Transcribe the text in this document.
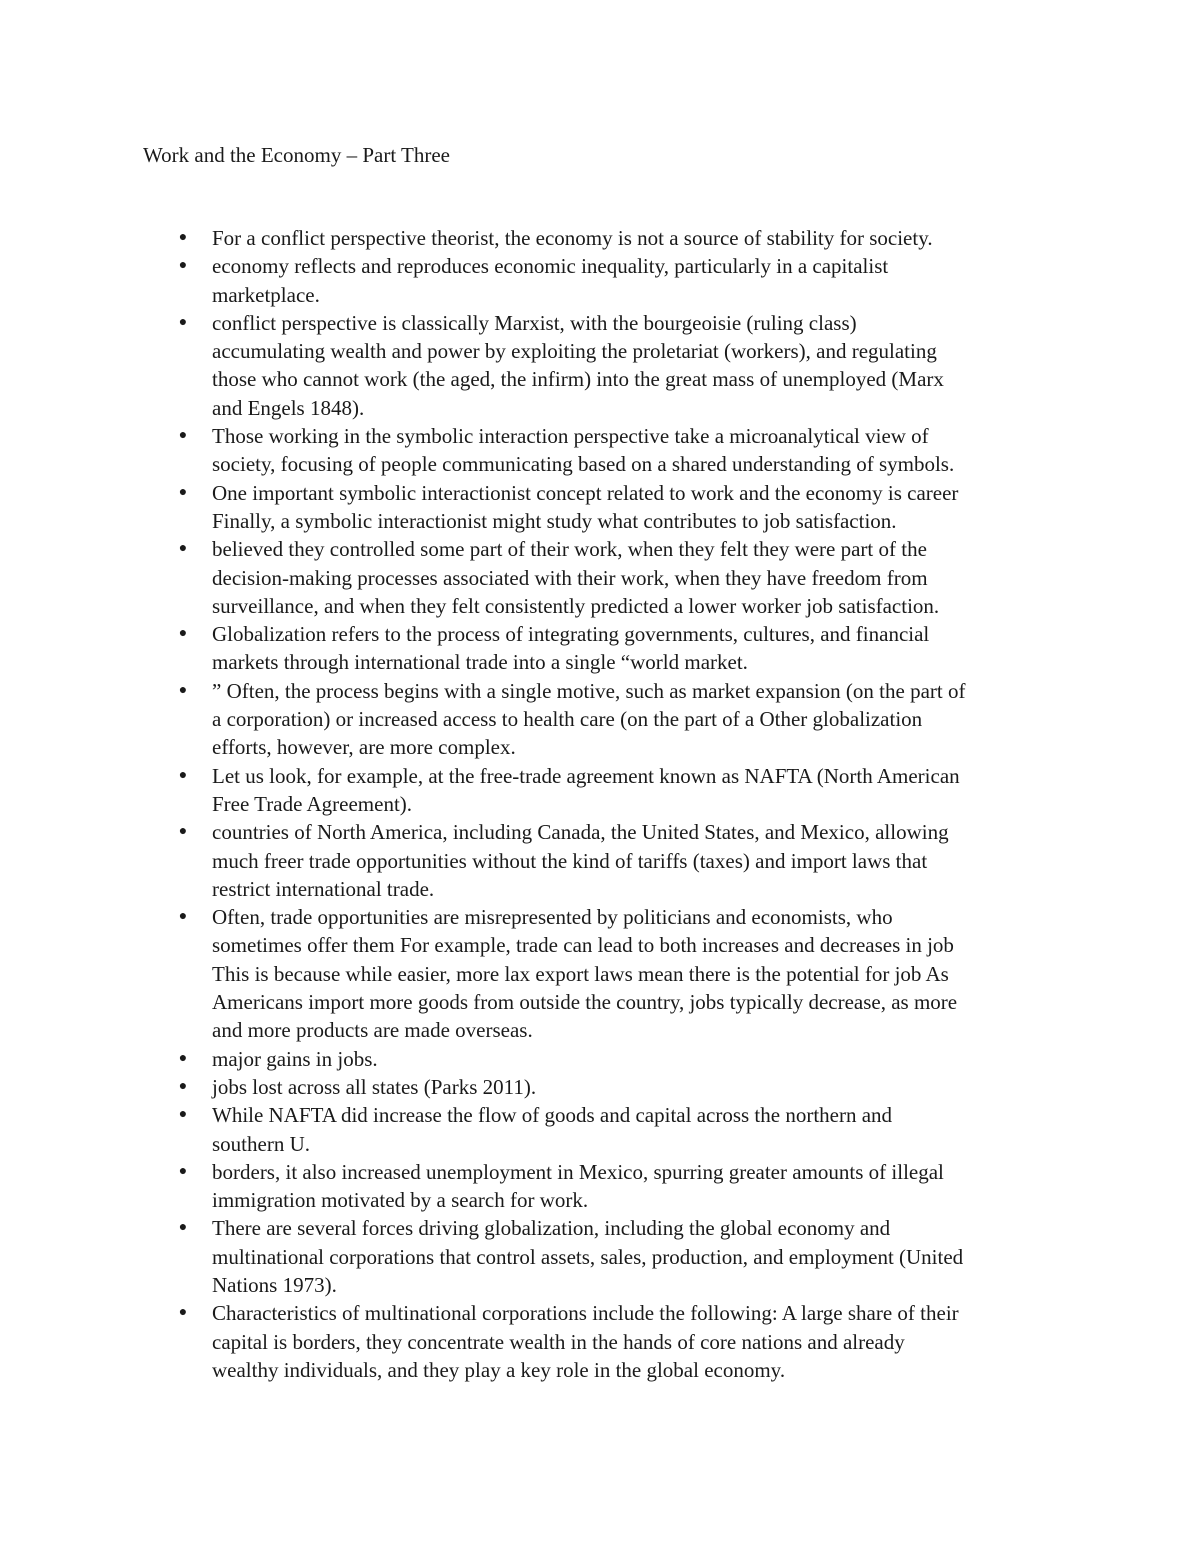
Work and the Economy – Part Three
● For a conflict perspective theorist, the economy is not a source of stability for society.
● economy reflects and reproduces economic inequality, particularly in a capitalist
marketplace.
● conflict perspective is classically Marxist, with the bourgeoisie (ruling class)
accumulating wealth and power by exploiting the proletariat (workers), and regulating
those who cannot work (the aged, the infirm) into the great mass of unemployed (Marx
and Engels 1848).
● Those working in the symbolic interaction perspective take a microanalytical view of
society, focusing of people communicating based on a shared understanding of symbols.
● One important symbolic interactionist concept related to work and the economy is career
Finally, a symbolic interactionist might study what contributes to job satisfaction.
● believed they controlled some part of their work, when they felt they were part of the
decision-making processes associated with their work, when they have freedom from
surveillance, and when they felt consistently predicted a lower worker job satisfaction.
● Globalization refers to the process of integrating governments, cultures, and financial
markets through international trade into a single “world market.
● ” Often, the process begins with a single motive, such as market expansion (on the part of
a corporation) or increased access to health care (on the part of a Other globalization
efforts, however, are more complex.
● Let us look, for example, at the free-trade agreement known as NAFTA (North American
Free Trade Agreement).
● countries of North America, including Canada, the United States, and Mexico, allowing
much freer trade opportunities without the kind of tariffs (taxes) and import laws that
restrict international trade.
● Often, trade opportunities are misrepresented by politicians and economists, who
sometimes offer them For example, trade can lead to both increases and decreases in job
This is because while easier, more lax export laws mean there is the potential for job As
Americans import more goods from outside the country, jobs typically decrease, as more
and more products are made overseas.
● major gains in jobs.
● jobs lost across all states (Parks 2011).
● While NAFTA did increase the flow of goods and capital across the northern and
southern U.
● borders, it also increased unemployment in Mexico, spurring greater amounts of illegal
immigration motivated by a search for work.
● There are several forces driving globalization, including the global economy and
multinational corporations that control assets, sales, production, and employment (United
Nations 1973).
● Characteristics of multinational corporations include the following: A large share of their
capital is borders, they concentrate wealth in the hands of core nations and already
wealthy individuals, and they play a key role in the global economy.
